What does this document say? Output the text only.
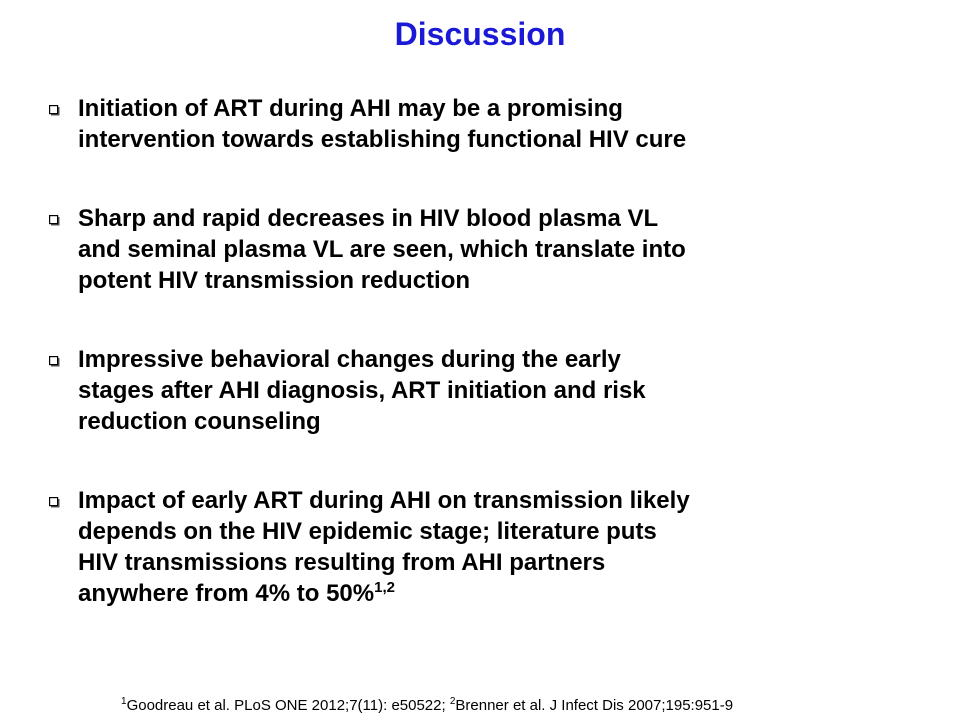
Discussion
Initiation of ART during AHI may be a promising
intervention towards establishing functional HIV cure
Sharp and rapid decreases in HIV blood plasma VL
and seminal plasma VL are seen, which translate into
potent HIV transmission reduction
Impressive behavioral changes during the early
stages after AHI diagnosis, ART initiation and risk
reduction counseling
Impact of early ART during AHI on transmission likely
depends on the HIV epidemic stage; literature puts
HIV transmissions resulting from AHI partners
anywhere from 4% to 50%$^{1,2}$
$^1$Goodreau et al. PLoS ONE 2012;7(11): e50522; $^2$Brenner et al. J Infect Dis 2007;195:951-9
